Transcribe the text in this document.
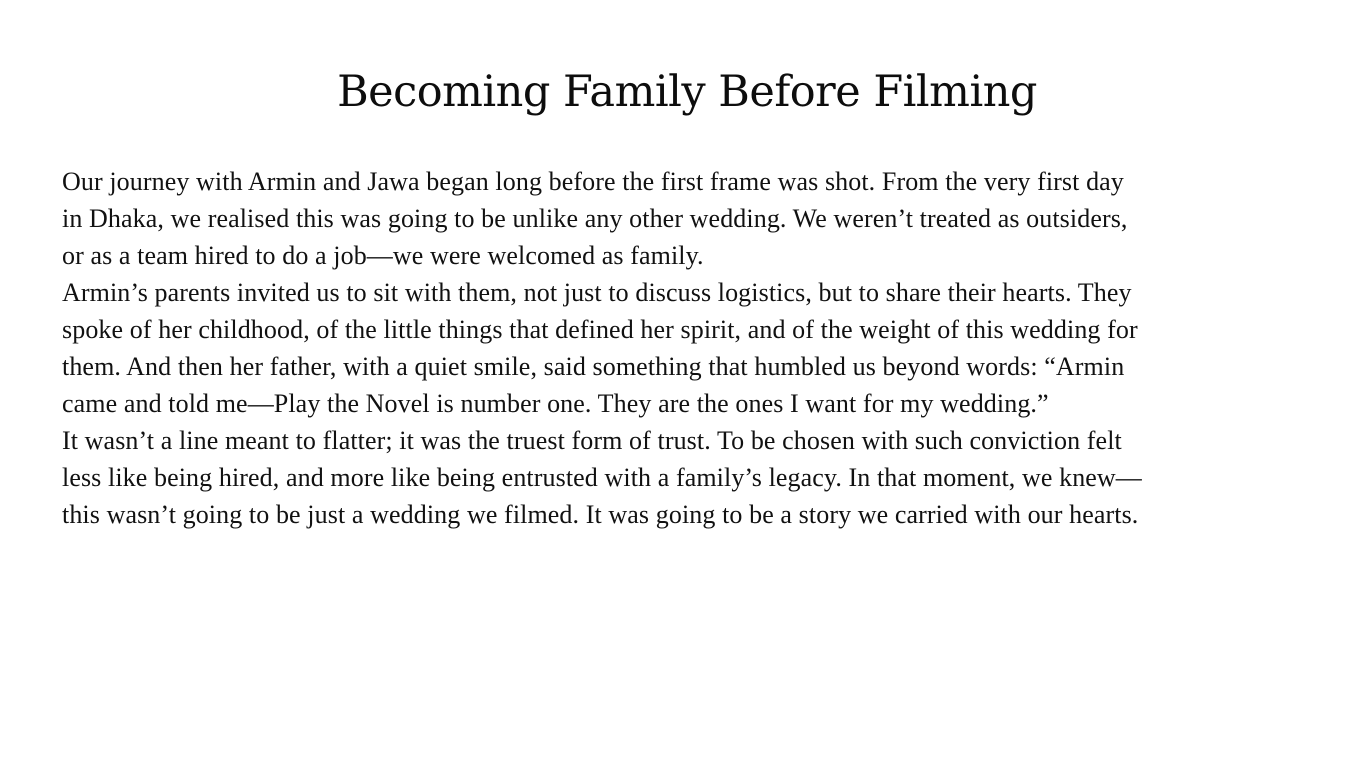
Becoming Family Before Filming

Our journey with Armin and Jawa began long before the first frame was shot. From the very first day
in Dhaka, we realised this was going to be unlike any other wedding. We weren’t treated as outsiders,
or as a team hired to do a job—we were welcomed as family.

Armin’s parents invited us to sit with them, not just to discuss logistics, but to share their hearts. They
spoke of her childhood, of the little things that defined her spirit, and of the weight of this wedding for
them. And then her father, with a quiet smile, said something that humbled us beyond words: “Armin
came and told me—Play the Novel is number one. They are the ones I want for my wedding.”

It wasn’t a line meant to flatter; it was the truest form of trust. To be chosen with such conviction felt
less like being hired, and more like being entrusted with a family’s legacy. In that moment, we knew—
this wasn’t going to be just a wedding we filmed. It was going to be a story we carried with our hearts.
